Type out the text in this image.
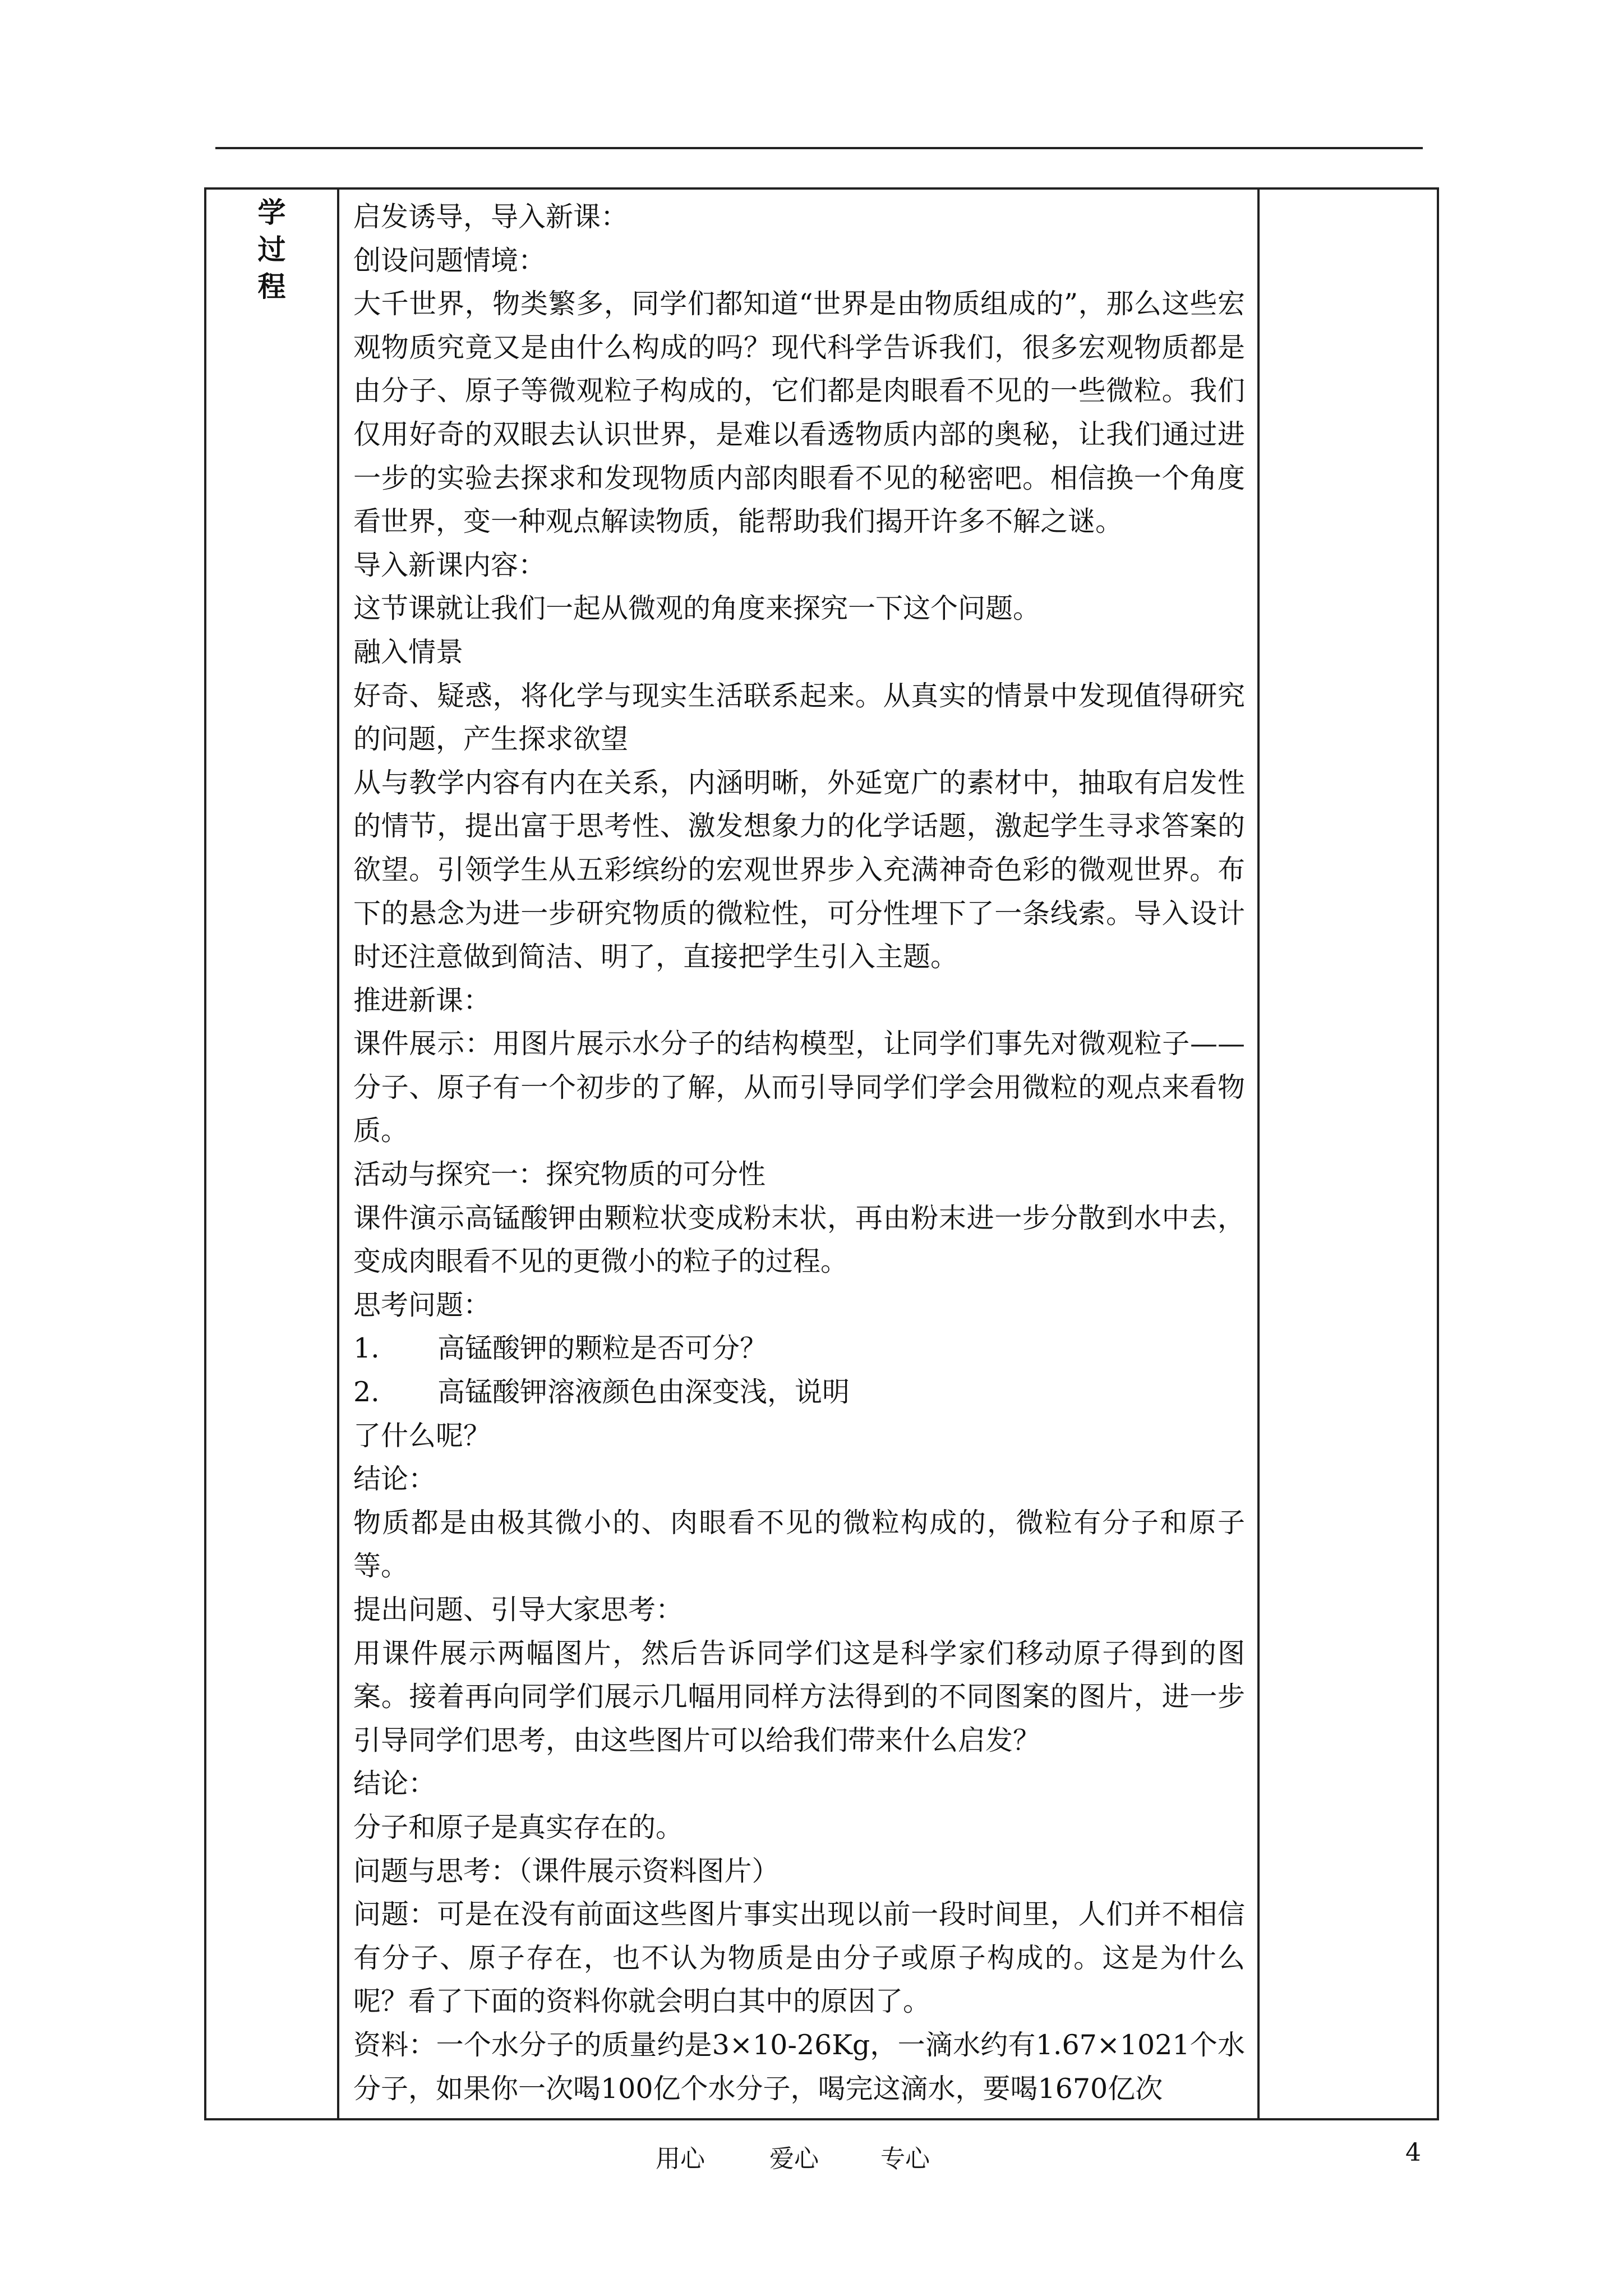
学
过
程

启发诱导，导入新课：

创设问题情境：

大千世界，物类繁多，同学们都知道“世界是由物质组成的”，那么这些宏观物质究竟又是由什么构成的吗？现代科学告诉我们，很多宏观物质都是由分子、原子等微观粒子构成的，它们都是肉眼看不见的一些微粒。我们仅用好奇的双眼去认识世界，是难以看透物质内部的奥秘，让我们通过进一步的实验去探求和发现物质内部肉眼看不见的秘密吧。相信换一个角度看世界，变一种观点解读物质，能帮助我们揭开许多不解之谜。

导入新课内容：

这节课就让我们一起从微观的角度来探究一下这个问题。

融入情景

好奇、疑惑，将化学与现实生活联系起来。从真实的情景中发现值得研究的问题，产生探求欲望

从与教学内容有内在关系，内涵明晰，外延宽广的素材中，抽取有启发性的情节，提出富于思考性、激发想象力的化学话题，激起学生寻求答案的欲望。引领学生从五彩缤纷的宏观世界步入充满神奇色彩的微观世界。布下的悬念为进一步研究物质的微粒性，可分性埋下了一条线索。导入设计时还注意做到简洁、明了，直接把学生引入主题。

推进新课：

课件展示：用图片展示水分子的结构模型，让同学们事先对微观粒子——分子、原子有一个初步的了解，从而引导同学们学会用微粒的观点来看物质。

活动与探究一：探究物质的可分性

课件演示高锰酸钾由颗粒状变成粉末状，再由粉末进一步分散到水中去，变成肉眼看不见的更微小的粒子的过程。

思考问题：

1.	高锰酸钾的颗粒是否可分？

2.	高锰酸钾溶液颜色由深变浅，说明

了什么呢？

结论：

物质都是由极其微小的、肉眼看不见的微粒构成的，微粒有分子和原子等。

提出问题、引导大家思考：

用课件展示两幅图片，然后告诉同学们这是科学家们移动原子得到的图案。接着再向同学们展示几幅用同样方法得到的不同图案的图片，进一步引导同学们思考，由这些图片可以给我们带来什么启发？

结论：

分子和原子是真实存在的。

问题与思考：（课件展示资料图片）

问题：可是在没有前面这些图片事实出现以前一段时间里，人们并不相信有分子、原子存在，也不认为物质是由分子或原子构成的。这是为什么呢？看了下面的资料你就会明白其中的原因了。

资料：一个水分子的质量约是3×10-26Kg，一滴水约有1.67×1021个水分子，如果你一次喝100亿个水分子，喝完这滴水，要喝1670亿次

用心	爱心	专心	4
